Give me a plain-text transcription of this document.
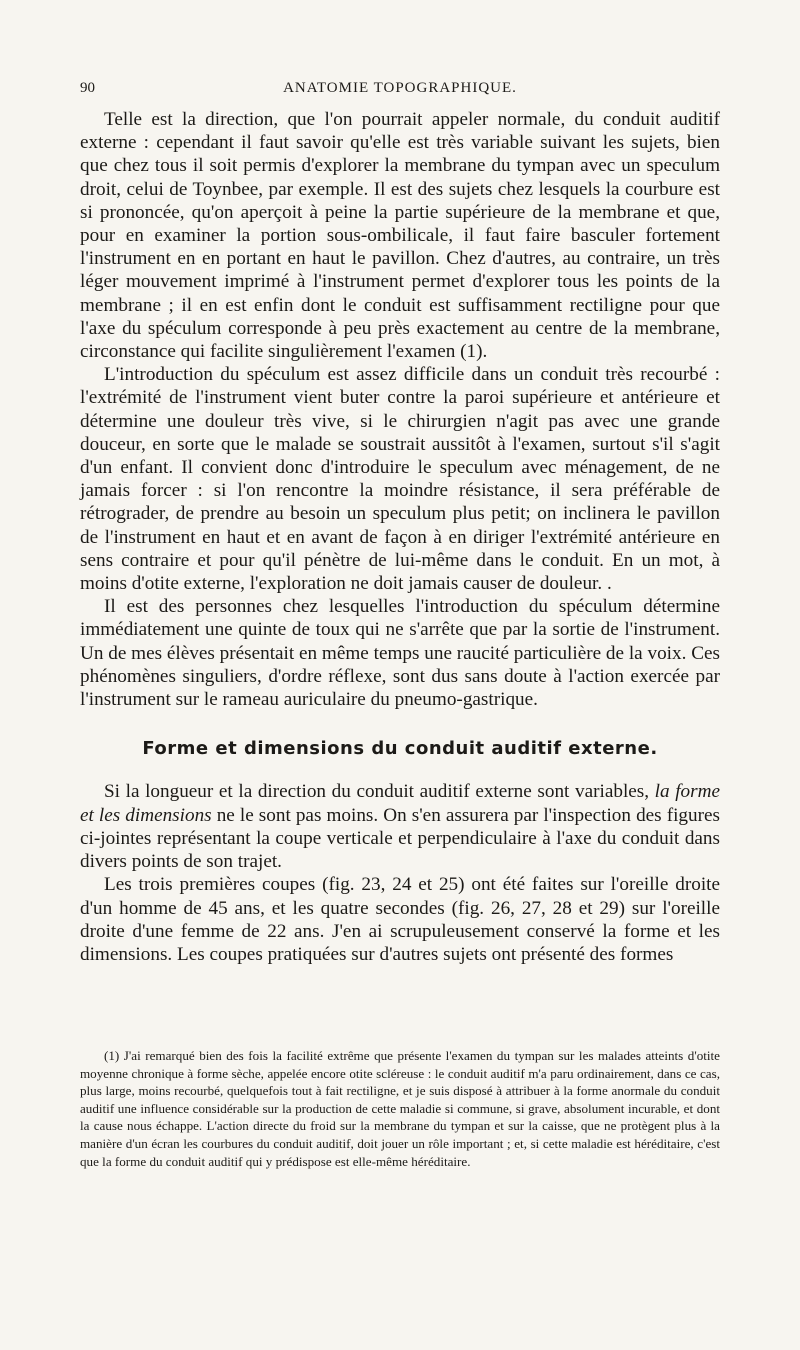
90	ANATOMIE TOPOGRAPHIQUE.

Telle est la direction, que l'on pourrait appeler normale, du conduit auditif externe : cependant il faut savoir qu'elle est très variable suivant les sujets, bien que chez tous il soit permis d'explorer la membrane du tympan avec un speculum droit, celui de Toynbee, par exemple. Il est des sujets chez lesquels la courbure est si prononcée, qu'on aperçoit à peine la partie supérieure de la membrane et que, pour en examiner la portion sous-ombilicale, il faut faire basculer fortement l'instrument en en portant en haut le pavillon. Chez d'autres, au contraire, un très léger mouvement imprimé à l'instrument permet d'explorer tous les points de la membrane ; il en est enfin dont le conduit est suffisamment rectiligne pour que l'axe du spéculum corresponde à peu près exactement au centre de la membrane, circonstance qui facilite singulièrement l'examen (1).

L'introduction du spéculum est assez difficile dans un conduit très recourbé : l'extrémité de l'instrument vient buter contre la paroi supérieure et antérieure et détermine une douleur très vive, si le chirurgien n'agit pas avec une grande douceur, en sorte que le malade se soustrait aussitôt à l'examen, surtout s'il s'agit d'un enfant. Il convient donc d'introduire le speculum avec ménagement, de ne jamais forcer : si l'on rencontre la moindre résistance, il sera préférable de rétrograder, de prendre au besoin un speculum plus petit; on inclinera le pavillon de l'instrument en haut et en avant de façon à en diriger l'extrémité antérieure en sens contraire et pour qu'il pénètre de lui-même dans le conduit. En un mot, à moins d'otite externe, l'exploration ne doit jamais causer de douleur. .

Il est des personnes chez lesquelles l'introduction du spéculum détermine immédiatement une quinte de toux qui ne s'arrête que par la sortie de l'instrument. Un de mes élèves présentait en même temps une raucité particulière de la voix. Ces phénomènes singuliers, d'ordre réflexe, sont dus sans doute à l'action exercée par l'instrument sur le rameau auriculaire du pneumo-gastrique.

Forme et dimensions du conduit auditif externe.

Si la longueur et la direction du conduit auditif externe sont variables, la forme et les dimensions ne le sont pas moins. On s'en assurera par l'inspection des figures ci-jointes représentant la coupe verticale et perpendiculaire à l'axe du conduit dans divers points de son trajet.

Les trois premières coupes (fig. 23, 24 et 25) ont été faites sur l'oreille droite d'un homme de 45 ans, et les quatre secondes (fig. 26, 27, 28 et 29) sur l'oreille droite d'une femme de 22 ans. J'en ai scrupuleusement conservé la forme et les dimensions. Les coupes pratiquées sur d'autres sujets ont présenté des formes

(1) J'ai remarqué bien des fois la facilité extrême que présente l'examen du tympan sur les malades atteints d'otite moyenne chronique à forme sèche, appelée encore otite scléreuse : le conduit auditif m'a paru ordinairement, dans ce cas, plus large, moins recourbé, quelquefois tout à fait rectiligne, et je suis disposé à attribuer à la forme anormale du conduit auditif une influence considérable sur la production de cette maladie si commune, si grave, absolument incurable, et dont la cause nous échappe. L'action directe du froid sur la membrane du tympan et sur la caisse, que ne protègent plus à la manière d'un écran les courbures du conduit auditif, doit jouer un rôle important ; et, si cette maladie est héréditaire, c'est que la forme du conduit auditif qui y prédispose est elle-même héréditaire.
